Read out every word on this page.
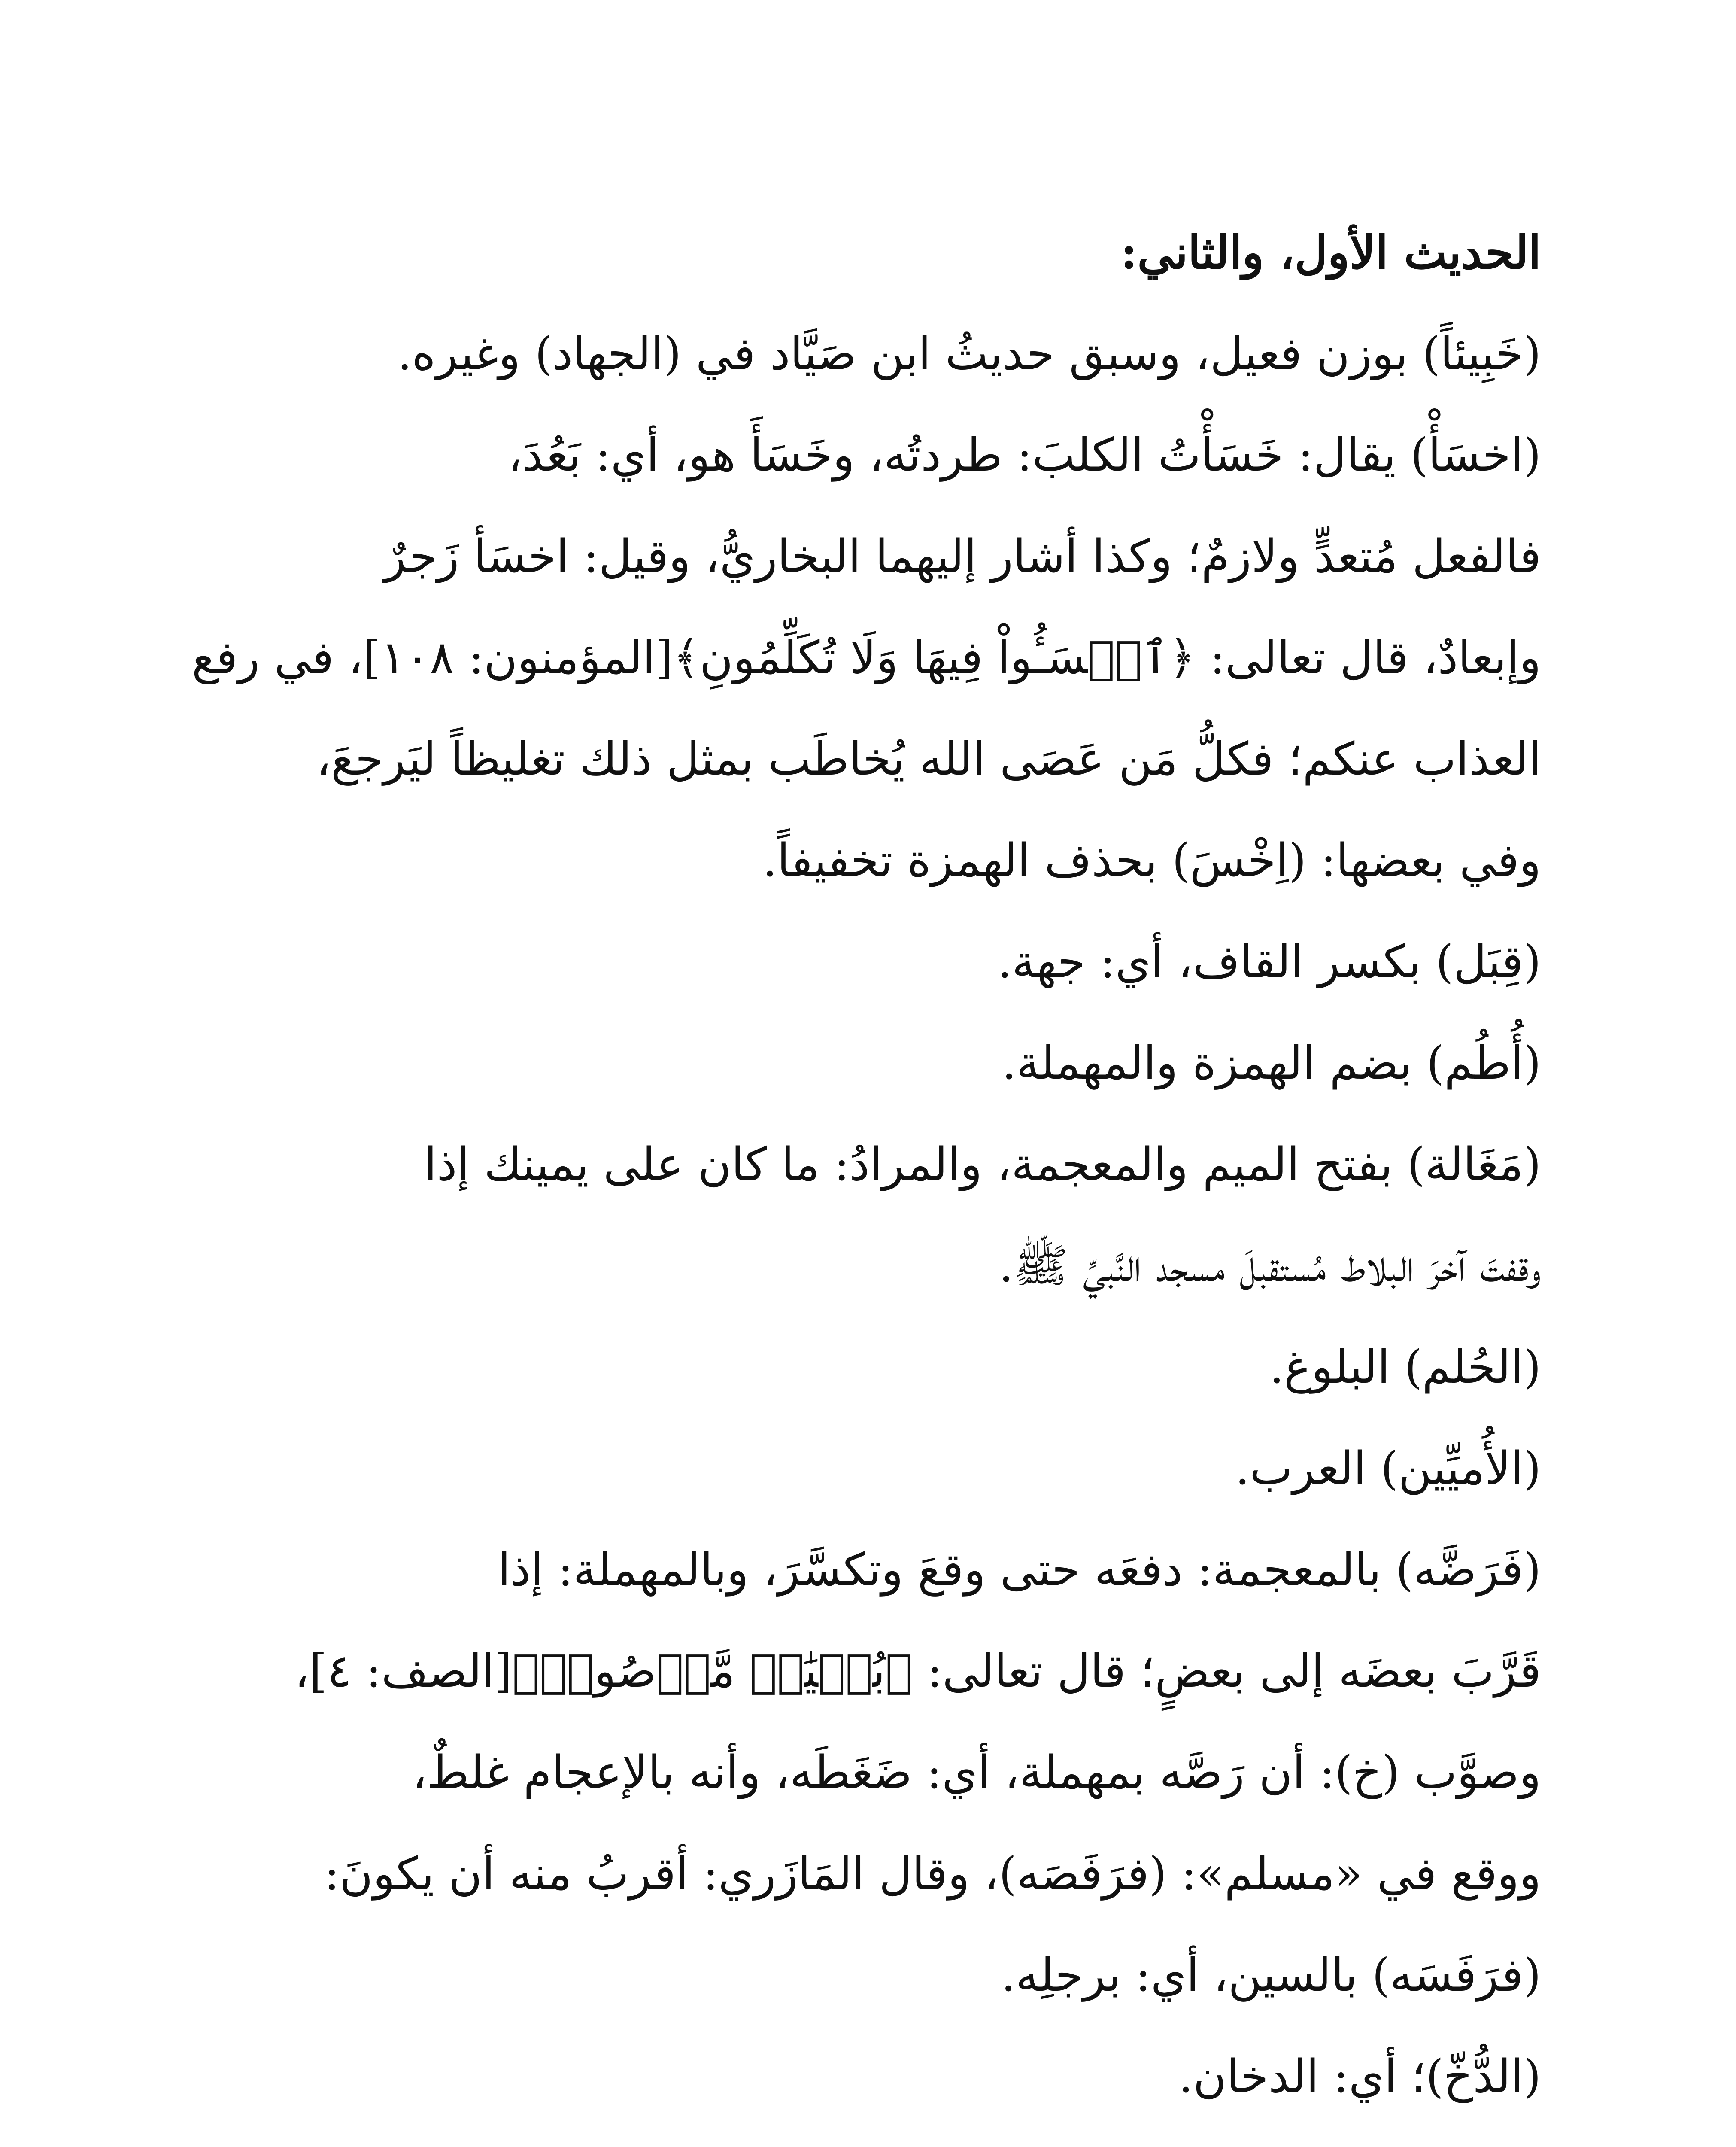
الحديث الأول، والثاني:
(خَبِيئاً) بوزن فعيل، وسبق حديثُ ابن صَيَّاد في (الجهاد) وغيره.
(اخسَأْ) يقال: خَسَأْتُ الكلبَ: طردتُه، وخَسَأَ هو، أي: بَعُدَ،
فالفعل مُتعدٍّ ولازمٌ؛ وكذا أشار إليهما البخاريُّ، وقيل: اخسَأ زَجرٌ
وإبعادٌ، قال تعالى: ﴿ٱخۡسَـُٔواْ فِيهَا وَلَا تُكَلِّمُونِ﴾[المؤمنون: ١٠٨]، في رفع
العذاب عنكم؛ فكلُّ مَن عَصَى الله يُخاطَب بمثل ذلك تغليظاً ليَرجعَ،
وفي بعضها: (اِخْسَ) بحذف الهمزة تخفيفاً.
(قِبَل) بكسر القاف، أي: جهة.
(أُطُم) بضم الهمزة والمهملة.
(مَغَالة) بفتح الميم والمعجمة، والمرادُ: ما كان على يمينك إذا
وقفتَ آخرَ البلاط مُستقبلَ مسجد النَّبيِّ ﷺ.
(الحُلم) البلوغ.
(الأُميِّين) العرب.
(فَرَضَّه) بالمعجمة: دفعَه حتى وقعَ وتكسَّرَ، وبالمهملة: إذا
قَرَّبَ بعضَه إلى بعضٍ؛ قال تعالى: ﴿بُنۡيَٰنٞ مَّرۡصُوصٞ﴾[الصف: ٤]،
وصوَّب (خ): أن رَصَّه بمهملة، أي: ضَغَطَه، وأنه بالإعجام غلطٌ،
ووقع في «مسلم»: (فرَفَصَه)، وقال المَازَري: أقربُ منه أن يكونَ:
(فرَفَسَه) بالسين، أي: برجلِه.
(الدُّخّ)؛ أي: الدخان.
